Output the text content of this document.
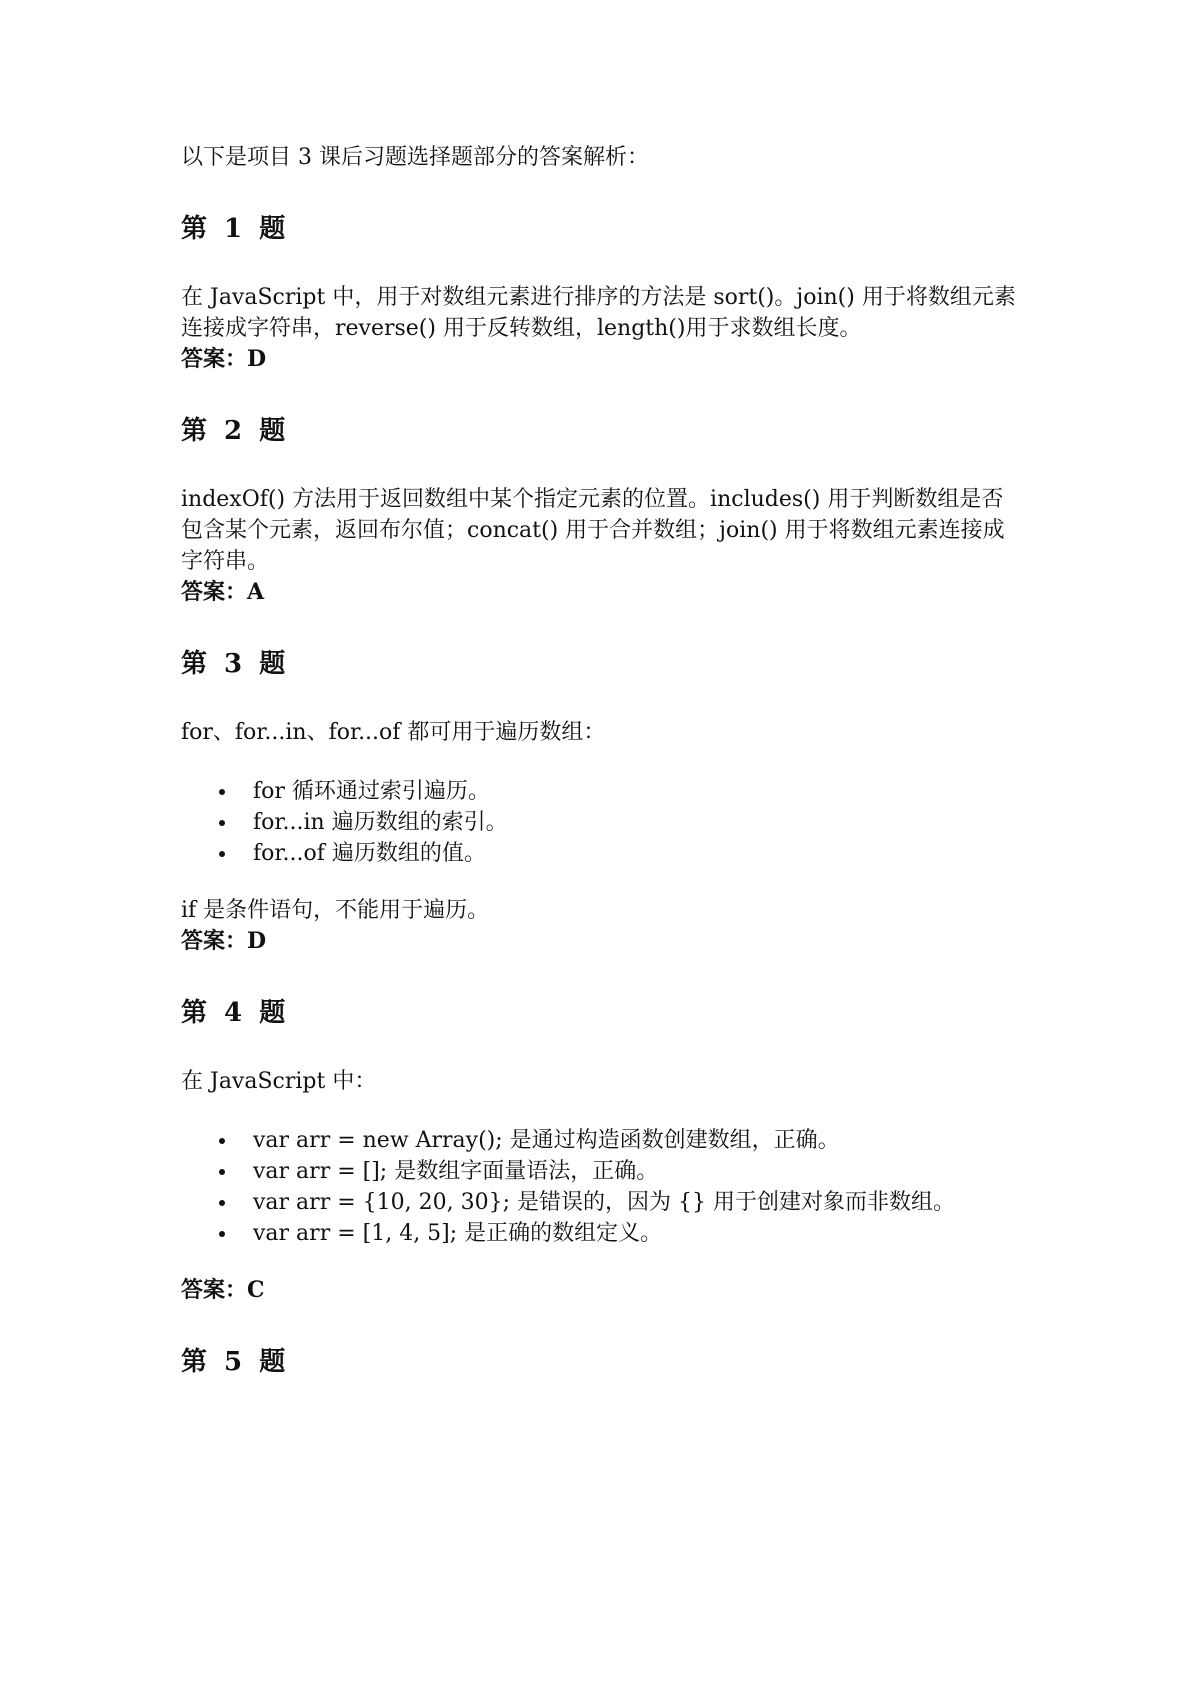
以下是项目 3 课后习题选择题部分的答案解析：

第 1 题

在 JavaScript 中，用于对数组元素进行排序的方法是 sort()。join() 用于将数组元素连接成字符串，reverse() 用于反转数组，length()用于求数组长度。

答案：D

第 2 题

indexOf() 方法用于返回数组中某个指定元素的位置。includes() 用于判断数组是否包含某个元素，返回布尔值；concat() 用于合并数组；join() 用于将数组元素连接成字符串。

答案：A

第 3 题

for、for...in、for...of 都可用于遍历数组：

for 循环通过索引遍历。
for...in 遍历数组的索引。
for...of 遍历数组的值。

if 是条件语句，不能用于遍历。

答案：D

第 4 题

在 JavaScript 中：

var arr = new Array(); 是通过构造函数创建数组，正确。
var arr = []; 是数组字面量语法，正确。
var arr = {10, 20, 30}; 是错误的，因为 {} 用于创建对象而非数组。
var arr = [1, 4, 5]; 是正确的数组定义。

答案：C

第 5 题
